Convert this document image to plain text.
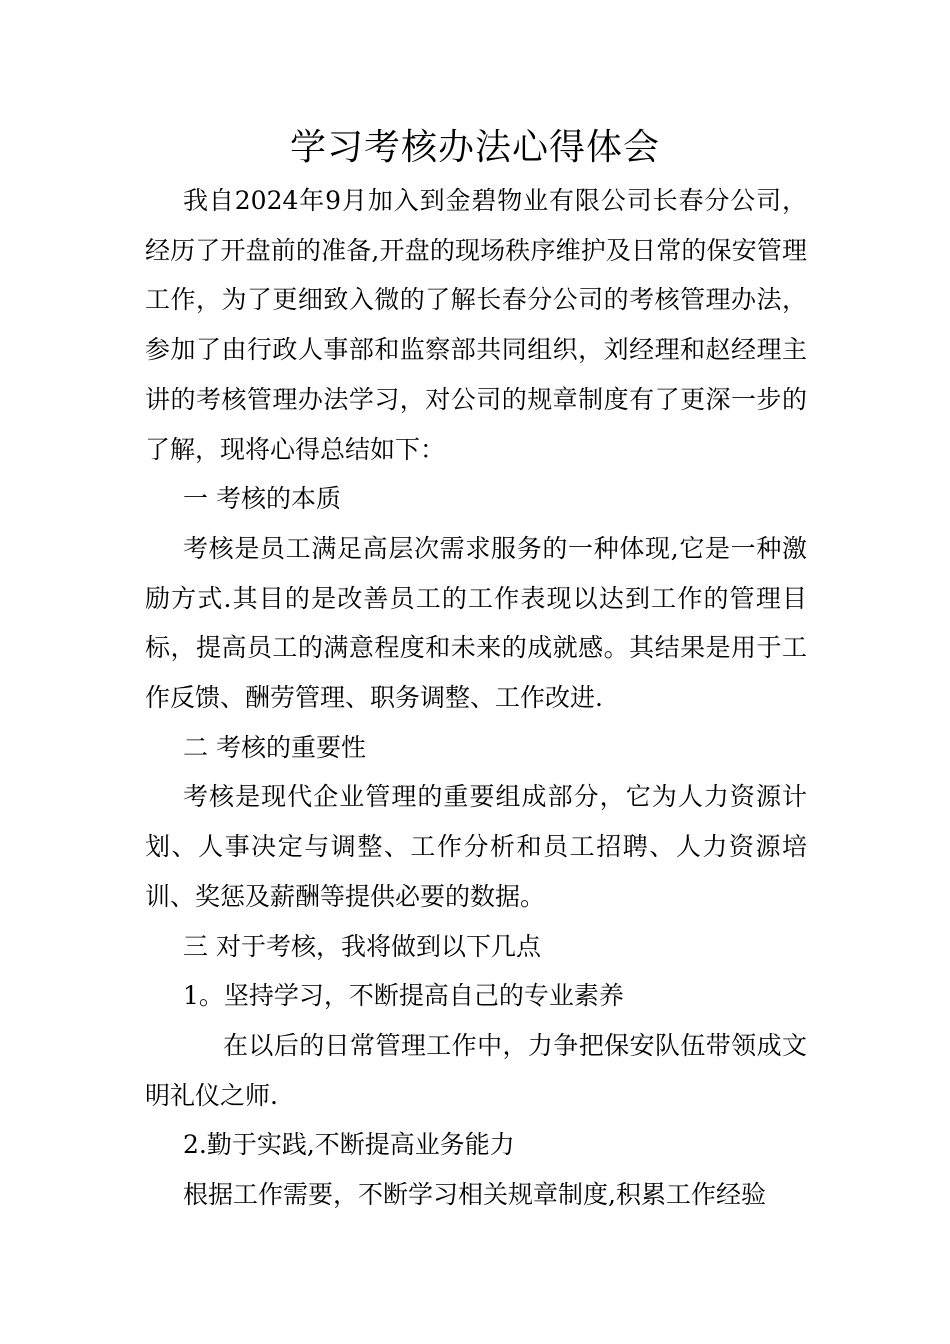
学习考核办法心得体会

我自2024年9月加入到金碧物业有限公司长春分公司，经历了开盘前的准备,开盘的现场秩序维护及日常的保安管理工作，为了更细致入微的了解长春分公司的考核管理办法，参加了由行政人事部和监察部共同组织，刘经理和赵经理主讲的考核管理办法学习，对公司的规章制度有了更深一步的了解，现将心得总结如下：

一 考核的本质

考核是员工满足高层次需求服务的一种体现,它是一种激励方式.其目的是改善员工的工作表现以达到工作的管理目标，提高员工的满意程度和未来的成就感。其结果是用于工作反馈、酬劳管理、职务调整、工作改进.

二 考核的重要性

考核是现代企业管理的重要组成部分，它为人力资源计划、人事决定与调整、工作分析和员工招聘、人力资源培训、奖惩及薪酬等提供必要的数据。

三 对于考核，我将做到以下几点

1。坚持学习，不断提高自己的专业素养

在以后的日常管理工作中，力争把保安队伍带领成文明礼仪之师.

2.勤于实践,不断提高业务能力

根据工作需要，不断学习相关规章制度,积累工作经验
